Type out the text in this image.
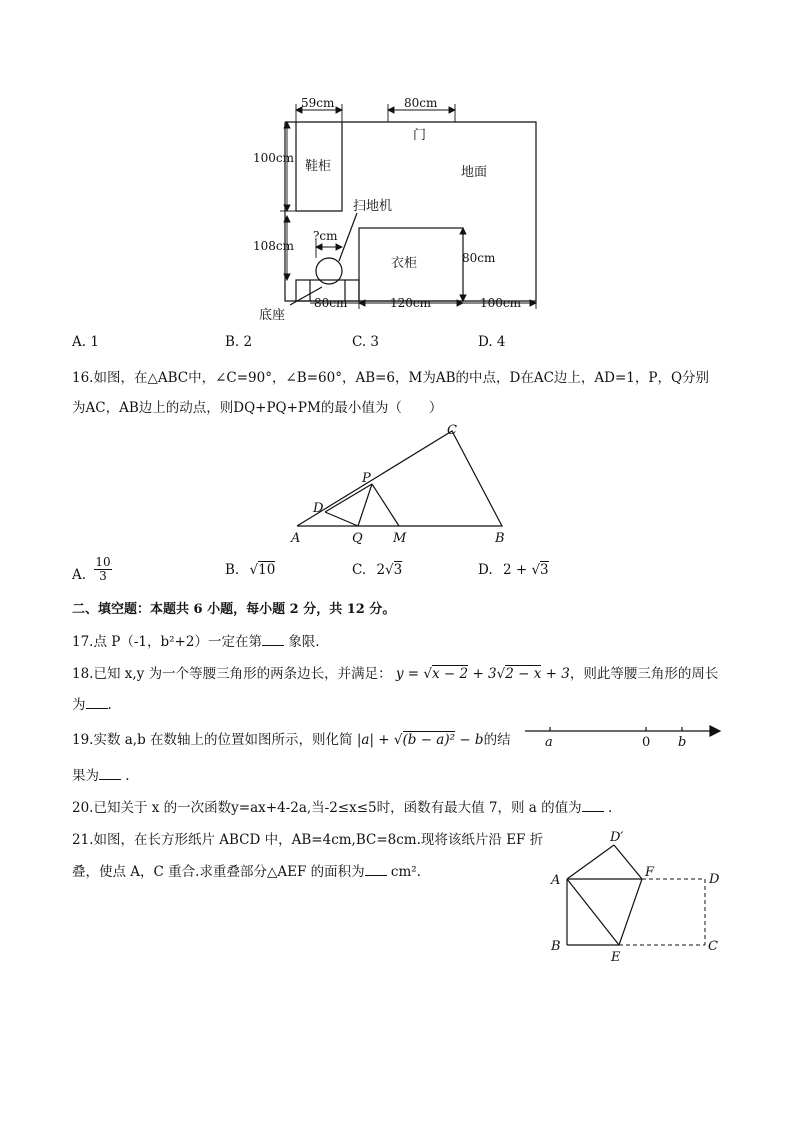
59cm	80cm
门
鞋柜	地面
100cm
扫地机
?cm
108cm
衣柜	80cm
底座
80cm	120cm	100cm
A. 1	B. 2	C. 3	D. 4
16.如图，在△ABC中，∠C=90°，∠B=60°，AB=6，M为AB的中点，D在AC边上，AD=1，P，Q分别
为AC，AB边上的动点，则DQ+PQ+PM的最小值为（　　）
C
P
D
A	Q M	B
A. $\frac{10}{3}$	B. √10	C. 2√3	D. 2 + √3
二、填空题：本题共 6 小题，每小题 2 分，共 12 分。
17.点 P（-1，b²+2）一定在第 象限.
18.已知 x,y 为一个等腰三角形的两条边长，并满足： y = √x − 2 + 3√2 − x + 3，则此等腰三角形的周长
为 .
19.实数 a,b 在数轴上的位置如图所示，则化简 |a| + √(b − a)² − b的结
果为 .
a	0 b
20.已知关于 x 的一次函数y=ax+4-2a,当-2≤x≤5时，函数有最大值 7，则 a 的值为 .
21.如图，在长方形纸片 ABCD 中，AB=4cm,BC=8cm.现将该纸片沿 EF 折
叠，使点 A，C 重合.求重叠部分△AEF 的面积为 cm².
D′
A
F	D
B
E
C
